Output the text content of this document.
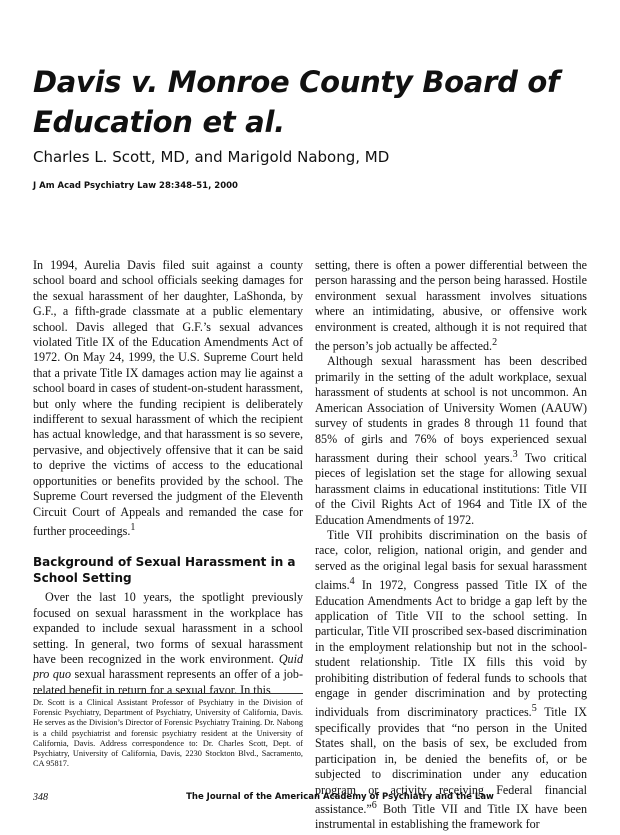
Davis v. Monroe County Board of Education et al.
Charles L. Scott, MD, and Marigold Nabong, MD
J Am Acad Psychiatry Law 28:348–51, 2000

In 1994, Aurelia Davis filed suit against a county school board and school officials seeking damages for the sexual harassment of her daughter, LaShonda, by G.F., a fifth-grade classmate at a public elementary school. Davis alleged that G.F.’s sexual advances violated Title IX of the Education Amendments Act of 1972. On May 24, 1999, the U.S. Supreme Court held that a private Title IX damages action may lie against a school board in cases of student-on-student harassment, but only where the funding recipient is deliberately indifferent to sexual harassment of which the recipient has actual knowledge, and that harassment is so severe, pervasive, and objectively offensive that it can be said to deprive the victims of access to the educational opportunities or benefits provided by the school. The Supreme Court reversed the judgment of the Eleventh Circuit Court of Appeals and remanded the case for further proceedings.$^1$

Background of Sexual Harassment in a School Setting

Over the last 10 years, the spotlight previously focused on sexual harassment in the workplace has expanded to include sexual harassment in a school setting. In general, two forms of sexual harassment have been recognized in the work environment. Quid pro quo sexual harassment represents an offer of a job-related benefit in return for a sexual favor. In this

Dr. Scott is a Clinical Assistant Professor of Psychiatry in the Division of Forensic Psychiatry, Department of Psychiatry, University of California, Davis. He serves as the Division’s Director of Forensic Psychiatry Training. Dr. Nabong is a child psychiatrist and forensic psychiatry resident at the University of California, Davis. Address correspondence to: Dr. Charles Scott, Dept. of Psychiatry, University of California, Davis, 2230 Stockton Blvd., Sacramento, CA 95817.

setting, there is often a power differential between the person harassing and the person being harassed. Hostile environment sexual harassment involves situations where an intimidating, abusive, or offensive work environment is created, although it is not required that the person’s job actually be affected.$^2$

Although sexual harassment has been described primarily in the setting of the adult workplace, sexual harassment of students at school is not uncommon. An American Association of University Women (AAUW) survey of students in grades 8 through 11 found that 85% of girls and 76% of boys experienced sexual harassment during their school years.$^3$ Two critical pieces of legislation set the stage for allowing sexual harassment claims in educational institutions: Title VII of the Civil Rights Act of 1964 and Title IX of the Education Amendments of 1972.

Title VII prohibits discrimination on the basis of race, color, religion, national origin, and gender and served as the original legal basis for sexual harassment claims.$^4$ In 1972, Congress passed Title IX of the Education Amendments Act to bridge a gap left by the application of Title VII to the school setting. In particular, Title VII proscribed sex-based discrimination in the employment relationship but not in the school-student relationship. Title IX fills this void by prohibiting distribution of federal funds to schools that engage in gender discrimination and by protecting individuals from discriminatory practices.$^5$ Title IX specifically provides that “no person in the United States shall, on the basis of sex, be excluded from participation in, be denied the benefits of, or be subjected to discrimination under any education program or activity receiving Federal financial assistance.”$^6$ Both Title VII and Title IX have been instrumental in establishing the framework for

348	The Journal of the American Academy of Psychiatry and the Law
